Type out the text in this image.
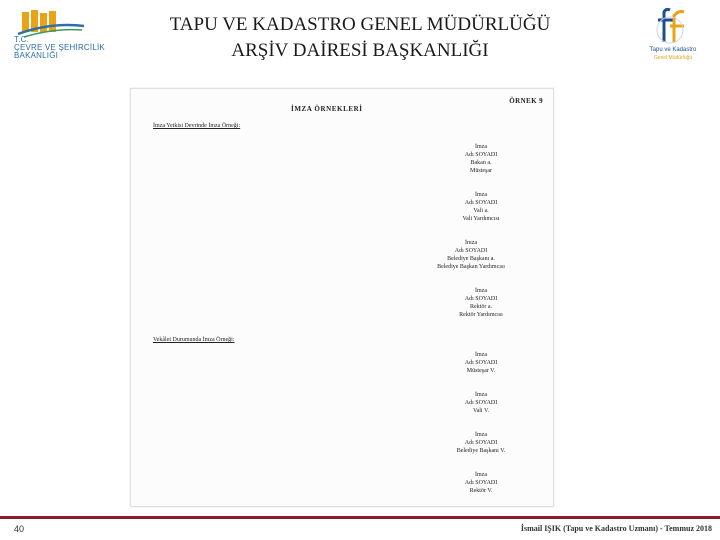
T.C.
ÇEVRE VE ŞEHİRCİLİK
BAKANLIĞI
TAPU VE KADASTRO GENEL MÜDÜRLÜĞÜ
ARŞİV DAİRESİ BAŞKANLIĞI	Tapu ve Kadastro
Genel Müdürlüğü
İMZA ÖRNEKLERİ
ÖRNEK 9
İmza Yetkisi Devrinde İmza Örneği:
İmza
Adı SOYADI
Bakan a.
Müsteşar
İmza
Adı SOYADI
Vali a.
Vali Yardımcısı
İmza
Adı SOYADI
Belediye Başkanı a.
Belediye Başkan Yardımcısı
İmza
Adı SOYADI
Rektör a.
Rektör Yardımcısı
Vekâlet Durumunda İmza Örneği:
İmza
Adı SOYADI
Müsteşar V.
İmza
Adı SOYADI
Vali V.
İmza
Adı SOYADI
Belediye Başkanı V.
İmza
Adı SOYADI
Rektör V.
40	İsmail IŞIK (Tapu ve Kadastro Uzmanı) - Temmuz 2018
